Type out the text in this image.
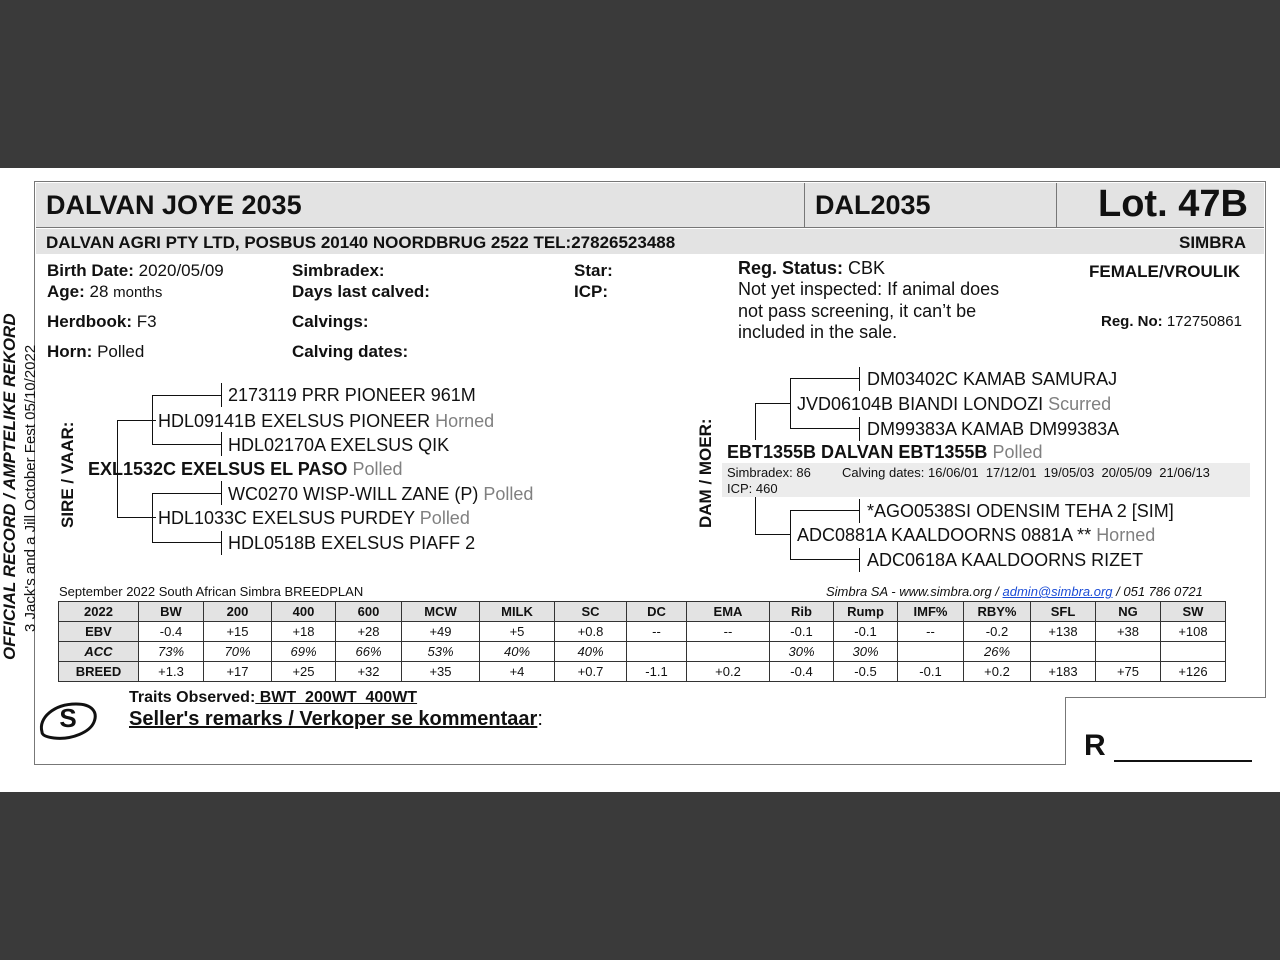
DALVAN JOYE 2035	DAL2035	Lot. 47B
DALVAN AGRI PTY LTD, POSBUS 20140 NOORDBRUG 2522 TEL:27826523488	SIMBRA
Birth Date: 2020/05/09
Age: 28 months
Herdbook: F3
Horn: Polled
Simbradex:
Days last calved:
Calvings:
Calving dates:
Star:
ICP:
Reg. Status: CBK
Not yet inspected: If animal does
not pass screening, it can’t be
included in the sale.
FEMALE/VROULIK
Reg. No: 172750861
SIRE / VAAR:
2173119 PRR PIONEER 961M
HDL09141B EXELSUS PIONEER Horned
HDL02170A EXELSUS QIK
EXL1532C EXELSUS EL PASO Polled
WC0270 WISP-WILL ZANE (P) Polled
HDL1033C EXELSUS PURDEY Polled
HDL0518B EXELSUS PIAFF 2
DAM / MOER:
DM03402C KAMAB SAMURAJ
JVD06104B BIANDI LONDOZI Scurred
DM99383A KAMAB DM99383A
EBT1355B DALVAN EBT1355B Polled
Simbradex: 86 Calving dates: 16/06/01  17/12/01  19/05/03  20/05/09  21/06/13
ICP: 460
*AGO0538SI ODENSIM TEHA 2 [SIM]
ADC0881A KAALDOORNS 0881A ** Horned
ADC0618A KAALDOORNS RIZET
September 2022 South African Simbra BREEDPLAN	Simbra SA - www.simbra.org / admin@simbra.org / 051 786 0721
2022	BW	200	400	600	MCW	MILK	SC	DC	EMA	Rib	Rump	IMF%	RBY%	SFL	NG	SW
EBV	-0.4	+15	+18	+28	+49	+5	+0.8	--	--	-0.1	-0.1	--	-0.2	+138	+38	+108
ACC	73%	70%	69%	66%	53%	40%	40%			30%	30%		26%			
BREED	+1.3	+17	+25	+32	+35	+4	+0.7	-1.1	+0.2	-0.4	-0.5	-0.1	+0.2	+183	+75	+126
S
Traits Observed: BWT  200WT  400WT
Seller's remarks / Verkoper se kommentaar:
R
OFFICIAL RECORD / AMPTELIKE REKORD 3 Jack's and a Jill October Fest 05/10/2022
